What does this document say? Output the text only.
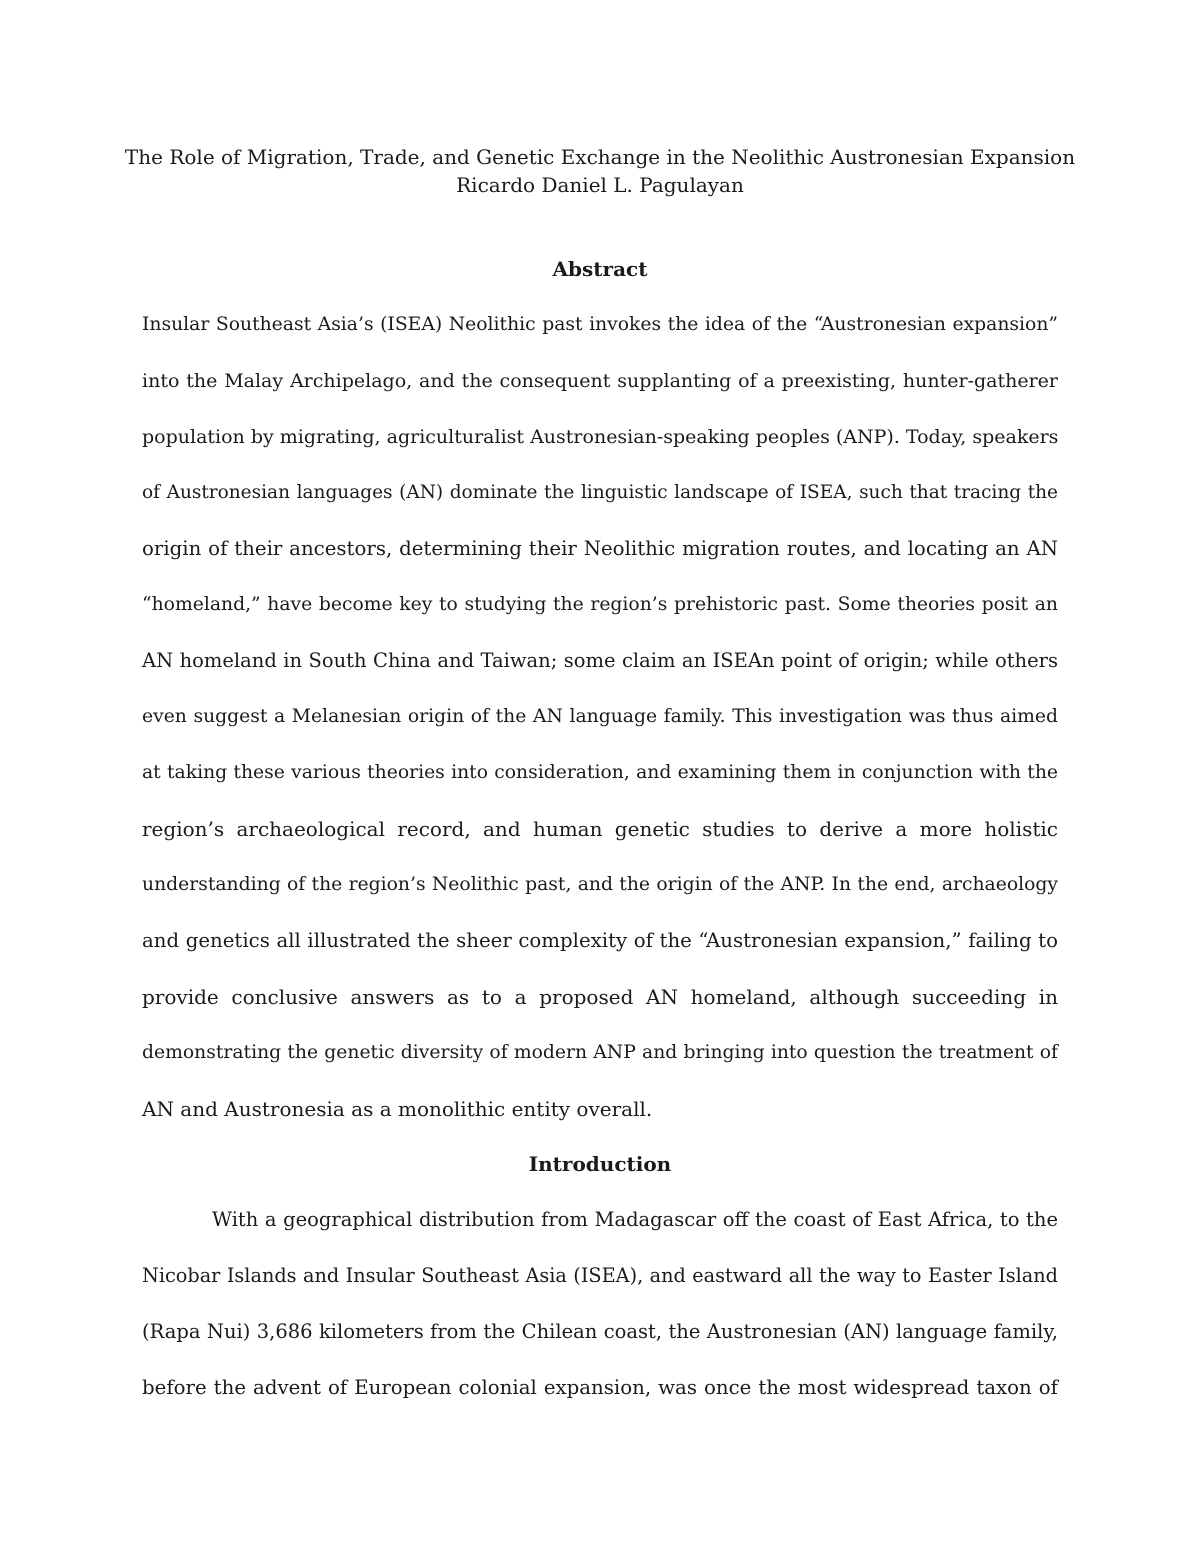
The Role of Migration, Trade, and Genetic Exchange in the Neolithic Austronesian Expansion
Ricardo Daniel L. Pagulayan
Abstract
Insular Southeast Asia’s (ISEA) Neolithic past invokes the idea of the “Austronesian expansion”
into the Malay Archipelago, and the consequent supplanting of a preexisting, hunter-gatherer
population by migrating, agriculturalist Austronesian-speaking peoples (ANP). Today, speakers
of Austronesian languages (AN) dominate the linguistic landscape of ISEA, such that tracing the
origin of their ancestors, determining their Neolithic migration routes, and locating an AN
“homeland,” have become key to studying the region’s prehistoric past. Some theories posit an
AN homeland in South China and Taiwan; some claim an ISEAn point of origin; while others
even suggest a Melanesian origin of the AN language family. This investigation was thus aimed
at taking these various theories into consideration, and examining them in conjunction with the
region’s archaeological record, and human genetic studies to derive a more holistic
understanding of the region’s Neolithic past, and the origin of the ANP. In the end, archaeology
and genetics all illustrated the sheer complexity of the “Austronesian expansion,” failing to
provide conclusive answers as to a proposed AN homeland, although succeeding in
demonstrating the genetic diversity of modern ANP and bringing into question the treatment of
AN and Austronesia as a monolithic entity overall.
Introduction
With a geographical distribution from Madagascar off the coast of East Africa, to the
Nicobar Islands and Insular Southeast Asia (ISEA), and eastward all the way to Easter Island
(Rapa Nui) 3,686 kilometers from the Chilean coast, the Austronesian (AN) language family,
before the advent of European colonial expansion, was once the most widespread taxon of
